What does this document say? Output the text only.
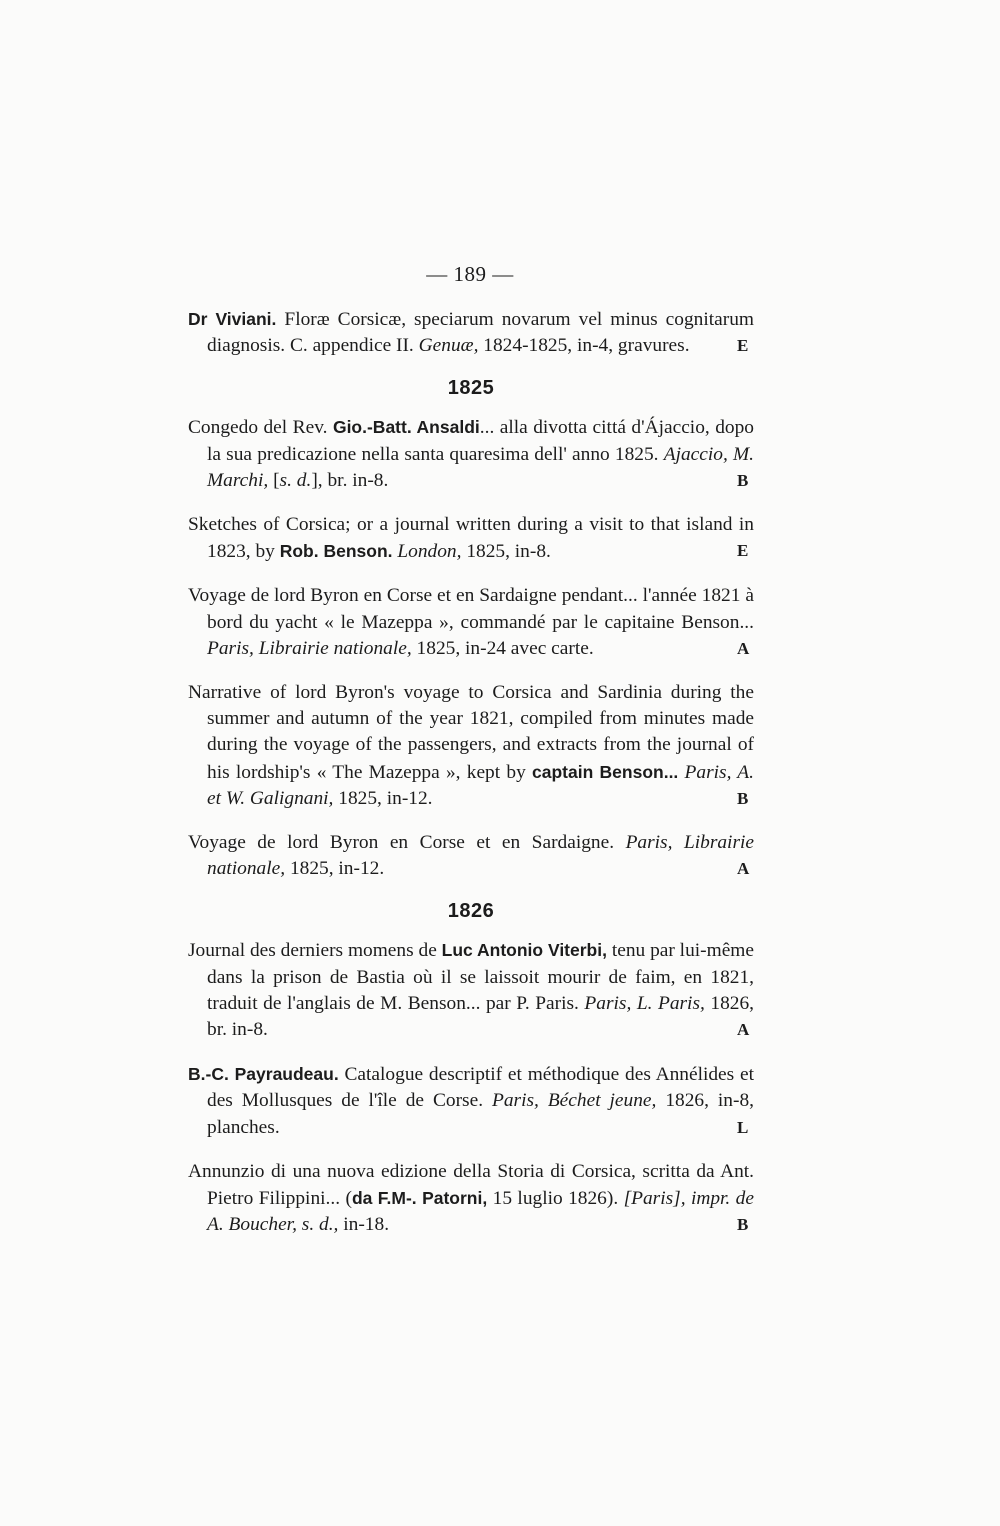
— 189 —
Dr Viviani. Floræ Corsicæ, speciarum novarum vel minus cognitarum diagnosis. C. appendice II. Genuæ, 1824-1825, in-4, gravures.	E
1825
Congedo del Rev. Gio.-Batt. Ansaldi... alla divotta cittá d'Ájaccio, dopo la sua predicazione nella santa quaresima dell' anno 1825. Ajaccio, M. Marchi, [s. d.], br. in-8.	B
Sketches of Corsica; or a journal written during a visit to that island in 1823, by Rob. Benson. London, 1825, in-8.	E
Voyage de lord Byron en Corse et en Sardaigne pendant... l'année 1821 à bord du yacht « le Mazeppa », commandé par le capitaine Benson... Paris, Librairie nationale, 1825, in-24 avec carte.	A
Narrative of lord Byron's voyage to Corsica and Sardinia during the summer and autumn of the year 1821, compiled from minutes made during the voyage of the passengers, and extracts from the journal of his lordship's « The Mazeppa », kept by captain Benson... Paris, A. et W. Galignani, 1825, in-12.	B
Voyage de lord Byron en Corse et en Sardaigne. Paris, Librairie nationale, 1825, in-12.	A
1826
Journal des derniers momens de Luc Antonio Viterbi, tenu par lui-même dans la prison de Bastia où il se laissoit mourir de faim, en 1821, traduit de l'anglais de M. Benson... par P. Paris. Paris, L. Paris, 1826, br. in-8.	A
B.-C. Payraudeau. Catalogue descriptif et méthodique des Annélides et des Mollusques de l'île de Corse. Paris, Béchet jeune, 1826, in-8, planches.	L
Annunzio di una nuova edizione della Storia di Corsica, scritta da Ant. Pietro Filippini... (da F.M-. Patorni, 15 luglio 1826). [Paris], impr. de A. Boucher, s. d., in-18.	B
